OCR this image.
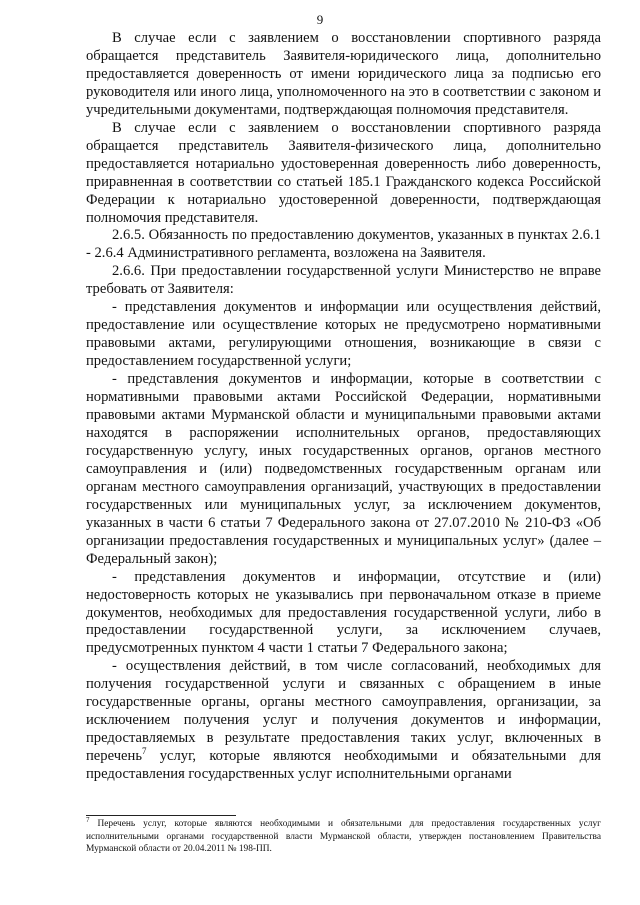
9

В случае если с заявлением о восстановлении спортивного разряда обращается представитель Заявителя-юридического лица, дополнительно предоставляется доверенность от имени юридического лица за подписью его руководителя или иного лица, уполномоченного на это в соответствии с законом и учредительными документами, подтверждающая полномочия представителя.

В случае если с заявлением о восстановлении спортивного разряда обращается представитель Заявителя-физического лица, дополнительно предоставляется нотариально удостоверенная доверенность либо доверенность, приравненная в соответствии со статьей 185.1 Гражданского кодекса Российской Федерации к нотариально удостоверенной доверенности, подтверждающая полномочия представителя.

2.6.5. Обязанность по предоставлению документов, указанных в пунктах 2.6.1 - 2.6.4 Административного регламента, возложена на Заявителя.

2.6.6. При предоставлении государственной услуги Министерство не вправе требовать от Заявителя:

- представления документов и информации или осуществления действий, предоставление или осуществление которых не предусмотрено нормативными правовыми актами, регулирующими отношения, возникающие в связи с предоставлением государственной услуги;

- представления документов и информации, которые в соответствии с нормативными правовыми актами Российской Федерации, нормативными правовыми актами Мурманской области и муниципальными правовыми актами находятся в распоряжении исполнительных органов, предоставляющих государственную услугу, иных государственных органов, органов местного самоуправления и (или) подведомственных государственным органам или органам местного самоуправления организаций, участвующих в предоставлении государственных или муниципальных услуг, за исключением документов, указанных в части 6 статьи 7 Федерального закона от 27.07.2010 № 210-ФЗ «Об организации предоставления государственных и муниципальных услуг» (далее – Федеральный закон);

- представления документов и информации, отсутствие и (или) недостоверность которых не указывались при первоначальном отказе в приеме документов, необходимых для предоставления государственной услуги, либо в предоставлении государственной услуги, за исключением случаев, предусмотренных пунктом 4 части 1 статьи 7 Федерального закона;

- осуществления действий, в том числе согласований, необходимых для получения государственной услуги и связанных с обращением в иные государственные органы, органы местного самоуправления, организации, за исключением получения услуг и получения документов и информации, предоставляемых в результате предоставления таких услуг, включенных в перечень$^7$ услуг, которые являются необходимыми и обязательными для предоставления государственных услуг исполнительными органами

$^7$ Перечень услуг, которые являются необходимыми и обязательными для предоставления государственных услуг исполнительными органами государственной власти Мурманской области, утвержден постановлением Правительства Мурманской области от 20.04.2011 № 198-ПП.
